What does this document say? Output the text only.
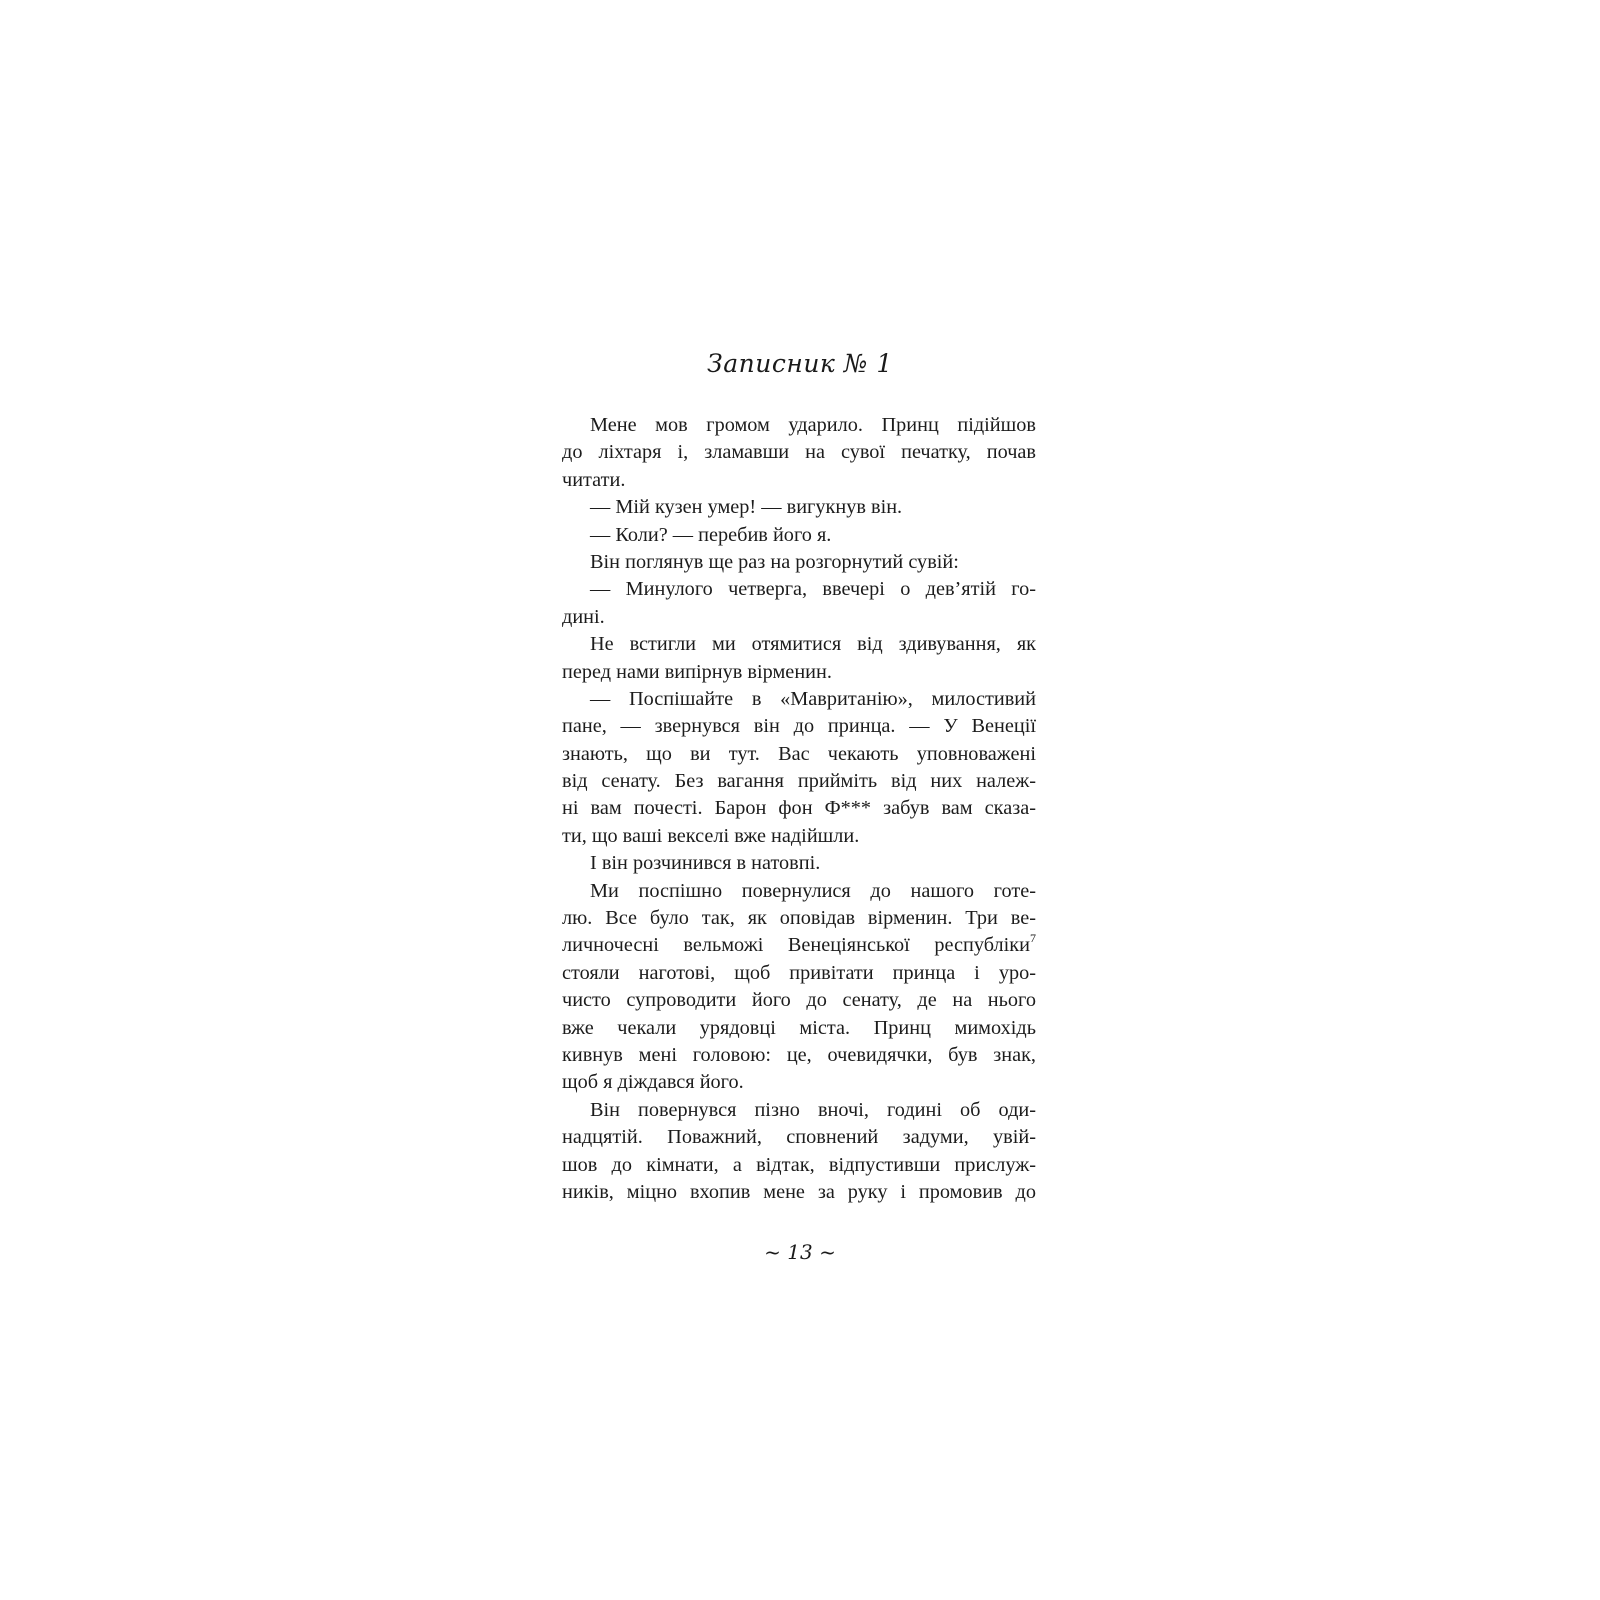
Записник № 1
Мене мов громом ударило. Принц підійшов
до ліхтаря і, зламавши на сувої печатку, почав
читати.
— Мій кузен умер! — вигукнув він.
— Коли? — перебив його я.
Він поглянув ще раз на розгорнутий сувій:
— Минулого четверга, ввечері о дев’ятій го-
дині.
Не встигли ми отямитися від здивування, як
перед нами випірнув вірменин.
— Поспішайте в «Мавританію», милостивий
пане, — звернувся він до принца. — У Венеції
знають, що ви тут. Вас чекають уповноважені
від сенату. Без вагання прийміть від них належ-
ні вам почесті. Барон фон Ф*** забув вам сказа-
ти, що ваші векселі вже надійшли.
І він розчинився в натовпі.
Ми поспішно повернулися до нашого готе-
лю. Все було так, як оповідав вірменин. Три ве-
личночесні вельможі Венеціянської республіки$^7$
стояли наготові, щоб привітати принца і уро-
чисто супроводити його до сенату, де на нього
вже чекали урядовці міста. Принц мимохідь
кивнув мені головою: це, очевидячки, був знак,
щоб я діждався його.
Він повернувся пізно вночі, годині об оди-
надцятій. Поважний, сповнений задуми, увій-
шов до кімнати, а відтак, відпустивши прислуж-
ників, міцно вхопив мене за руку і промовив до
~ 13 ~
